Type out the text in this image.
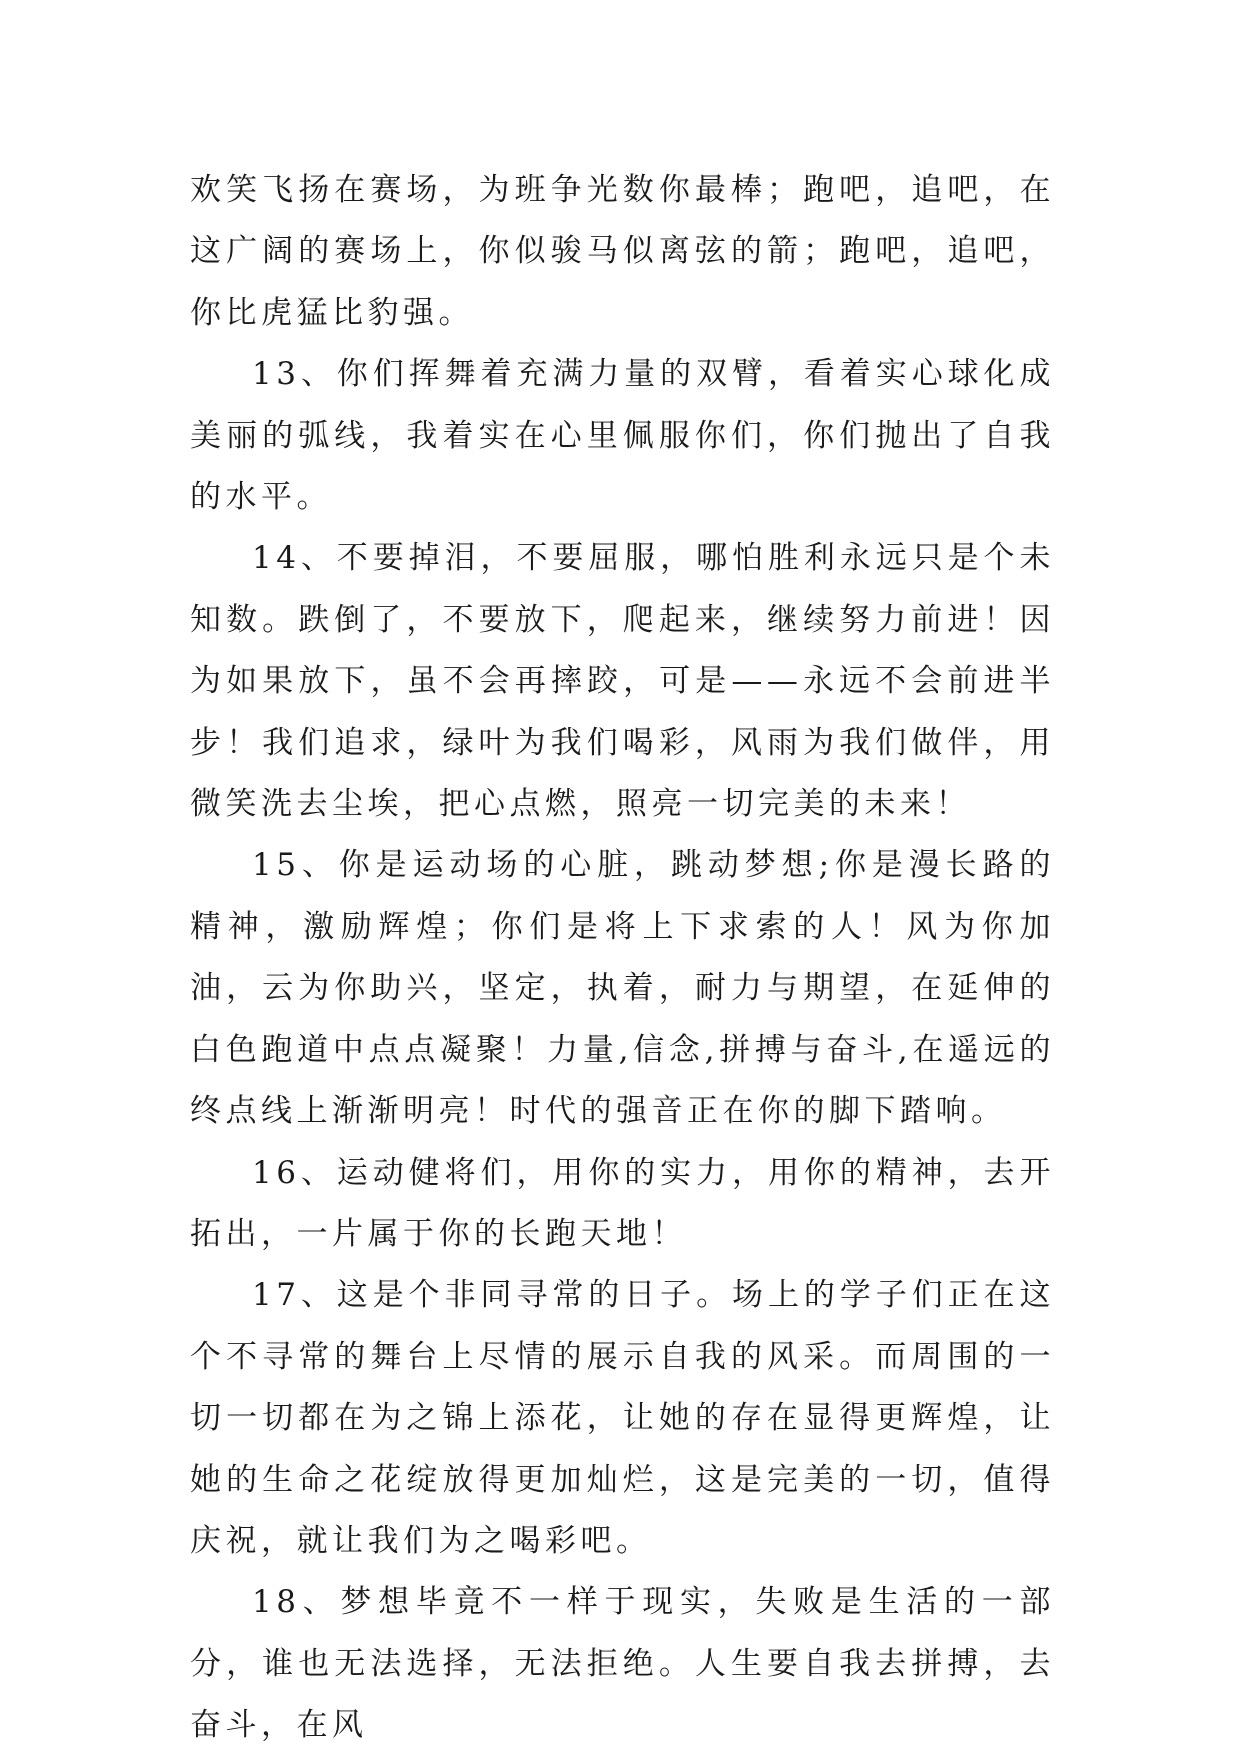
欢笑飞扬在赛场，为班争光数你最棒；跑吧，追吧，在这广阔的赛场上，你似骏马似离弦的箭；跑吧，追吧，你比虎猛比豹强。

13、你们挥舞着充满力量的双臂，看着实心球化成美丽的弧线，我着实在心里佩服你们，你们抛出了自我的水平。

14、不要掉泪，不要屈服，哪怕胜利永远只是个未知数。跌倒了，不要放下，爬起来，继续努力前进！因为如果放下，虽不会再摔跤，可是——永远不会前进半步！我们追求，绿叶为我们喝彩，风雨为我们做伴，用微笑洗去尘埃，把心点燃，照亮一切完美的未来！

15、你是运动场的心脏，跳动梦想;你是漫长路的精神，激励辉煌；你们是将上下求索的人！风为你加油，云为你助兴，坚定，执着，耐力与期望，在延伸的白色跑道中点点凝聚！力量,信念,拼搏与奋斗,在遥远的终点线上渐渐明亮！时代的强音正在你的脚下踏响。

16、运动健将们，用你的实力，用你的精神，去开拓出，一片属于你的长跑天地！

17、这是个非同寻常的日子。场上的学子们正在这个不寻常的舞台上尽情的展示自我的风采。而周围的一切一切都在为之锦上添花，让她的存在显得更辉煌，让她的生命之花绽放得更加灿烂，这是完美的一切，值得庆祝，就让我们为之喝彩吧。

18、梦想毕竟不一样于现实，失败是生活的一部分，谁也无法选择，无法拒绝。人生要自我去拼搏，去奋斗，在风
